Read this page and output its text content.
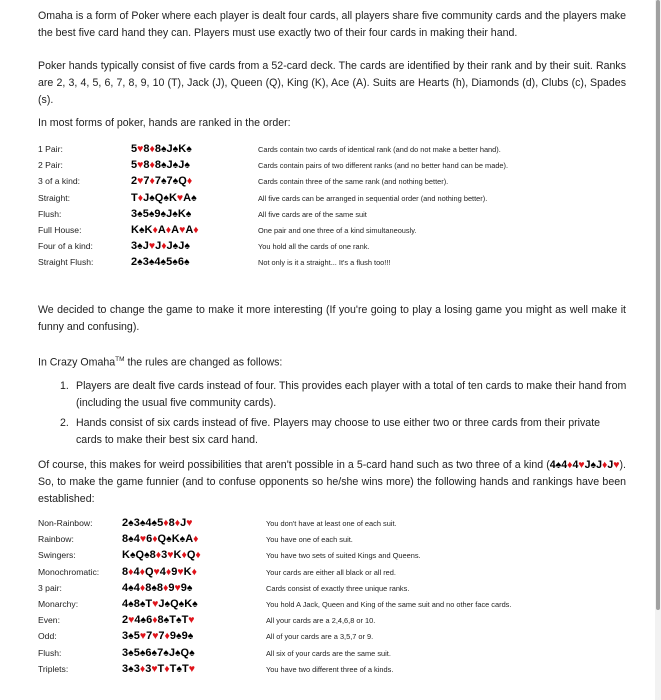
Omaha is a form of Poker where each player is dealt four cards, all players share five community cards and the players make the best five card hand they can. Players must use exactly two of their four cards in making their hand.

Poker hands typically consist of five cards from a 52-card deck. The cards are identified by their rank and by their suit. Ranks are 2, 3, 4, 5, 6, 7, 8, 9, 10 (T), Jack (J), Queen (Q), King (K), Ace (A). Suits are Hearts (h), Diamonds (d), Clubs (c), Spades (s).

In most forms of poker, hands are ranked in the order:

1 Pair:	5♥8♦8♠J♠K♠	Cards contain two cards of identical rank (and do not make a better hand).
2 Pair:	5♥8♦8♠J♠J♠	Cards contain pairs of two different ranks (and no better hand can be made).
3 of a kind:	2♥7♦7♠7♠Q♦	Cards contain three of the same rank (and nothing better).
Straight:	T♦J♠Q♠K♥A♠	All five cards can be arranged in sequential order (and nothing better).
Flush:	3♠5♠9♠J♠K♠	All five cards are of the same suit
Full House:	K♠K♦A♦A♥A♦	One pair and one three of a kind simultaneously.
Four of a kind:	3♠J♥J♦J♠J♠	You hold all the cards of one rank.
Straight Flush:	2♠3♠4♠5♠6♠	Not only is it a straight... It's a flush too!!!

We decided to change the game to make it more interesting (If you're going to play a losing game you might as well make it funny and confusing).

In Crazy Omaha™ the rules are changed as follows:

1. Players are dealt five cards instead of four. This provides each player with a total of ten cards to make their hand from (including the usual five community cards).
2. Hands consist of six cards instead of five. Players may choose to use either two or three cards from their private cards to make their best six card hand.

Of course, this makes for weird possibilities that aren't possible in a 5-card hand such as two three of a kind (4♠4♦4♥J♠J♦J♥). So, to make the game funnier (and to confuse opponents so he/she wins more) the following hands and rankings have been established:

Non-Rainbow:	2♠3♠4♠5♦8♦J♥	You don't have at least one of each suit.
Rainbow:	8♠4♥6♦Q♠K♠A♦	You have one of each suit.
Swingers:	K♠Q♠8♦3♥K♦Q♦	You have two sets of suited Kings and Queens.
Monochromatic: 8♦4♦Q♥4♦9♥K♦	Your cards are either all black or all red.
3 pair:	4♠4♦8♠8♦9♥9♠	Cards consist of exactly three unique ranks.
Monarchy:	4♠8♠T♥J♠Q♠K♠	You hold A Jack, Queen and King of the same suit and no other face cards.
Even:	2♥4♠6♦8♠T♠T♥	All your cards are a 2,4,6,8 or 10.
Odd:	3♠5♥7♥7♦9♠9♠	All of your cards are a 3,5,7 or 9.
Flush:	3♠5♠6♠7♠J♠Q♠	All six of your cards are the same suit.
Triplets:	3♠3♦3♥T♦T♠T♥	You have two different three of a kinds.
